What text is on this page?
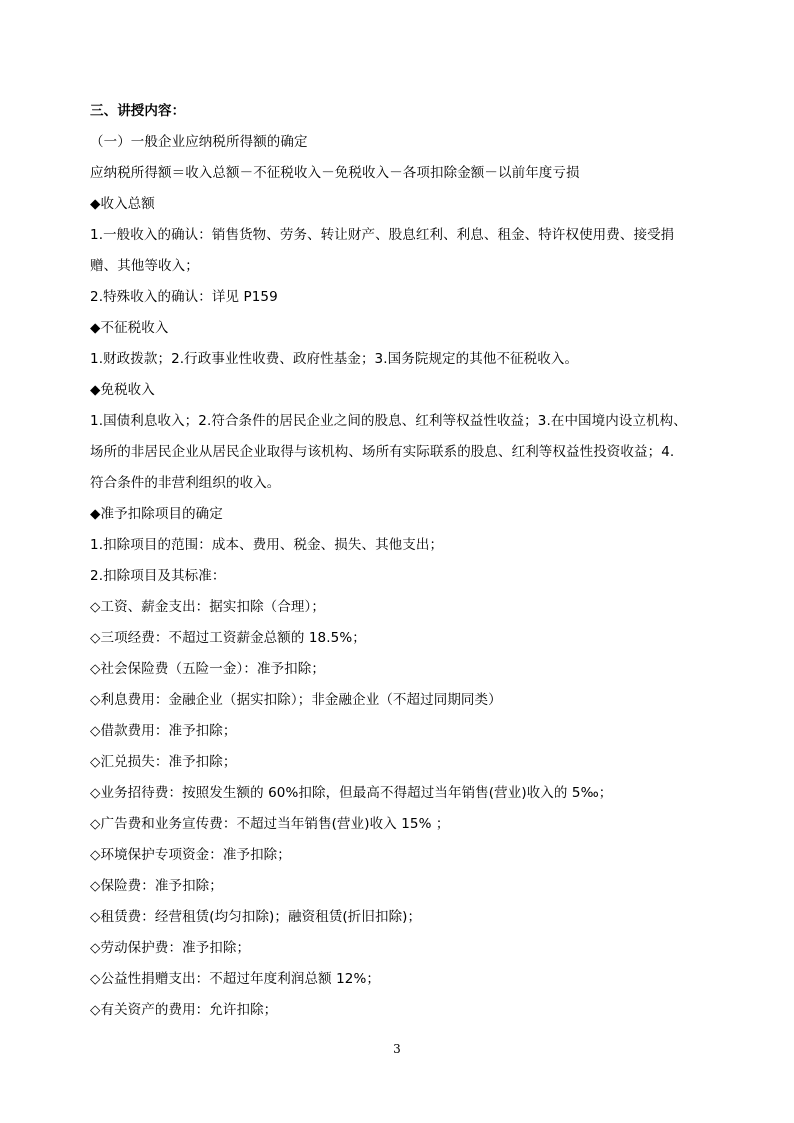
三、讲授内容：
（一）一般企业应纳税所得额的确定
应纳税所得额＝收入总额－不征税收入－免税收入－各项扣除金额－以前年度亏损
◆收入总额
1.一般收入的确认：销售货物、劳务、转让财产、股息红利、利息、租金、特许权使用费、接受捐
赠、其他等收入；
2.特殊收入的确认：详见 P159
◆不征税收入
1.财政拨款；2.行政事业性收费、政府性基金；3.国务院规定的其他不征税收入。
◆免税收入
1.国债利息收入；2.符合条件的居民企业之间的股息、红利等权益性收益；3.在中国境内设立机构、
场所的非居民企业从居民企业取得与该机构、场所有实际联系的股息、红利等权益性投资收益；4.
符合条件的非营利组织的收入。
◆准予扣除项目的确定
1.扣除项目的范围：成本、费用、税金、损失、其他支出；
2.扣除项目及其标准：
◇工资、薪金支出：据实扣除（合理）；
◇三项经费：不超过工资薪金总额的 18.5%；
◇社会保险费（五险一金）：准予扣除；
◇利息费用：金融企业（据实扣除）；非金融企业（不超过同期同类）
◇借款费用：准予扣除；
◇汇兑损失：准予扣除；
◇业务招待费：按照发生额的 60%扣除，但最高不得超过当年销售(营业)收入的 5‰；
◇广告费和业务宣传费：不超过当年销售(营业)收入 15% ；
◇环境保护专项资金：准予扣除；
◇保险费：准予扣除；
◇租赁费：经营租赁(均匀扣除)；融资租赁(折旧扣除)；
◇劳动保护费：准予扣除；
◇公益性捐赠支出：不超过年度利润总额 12%；
◇有关资产的费用：允许扣除；
3
